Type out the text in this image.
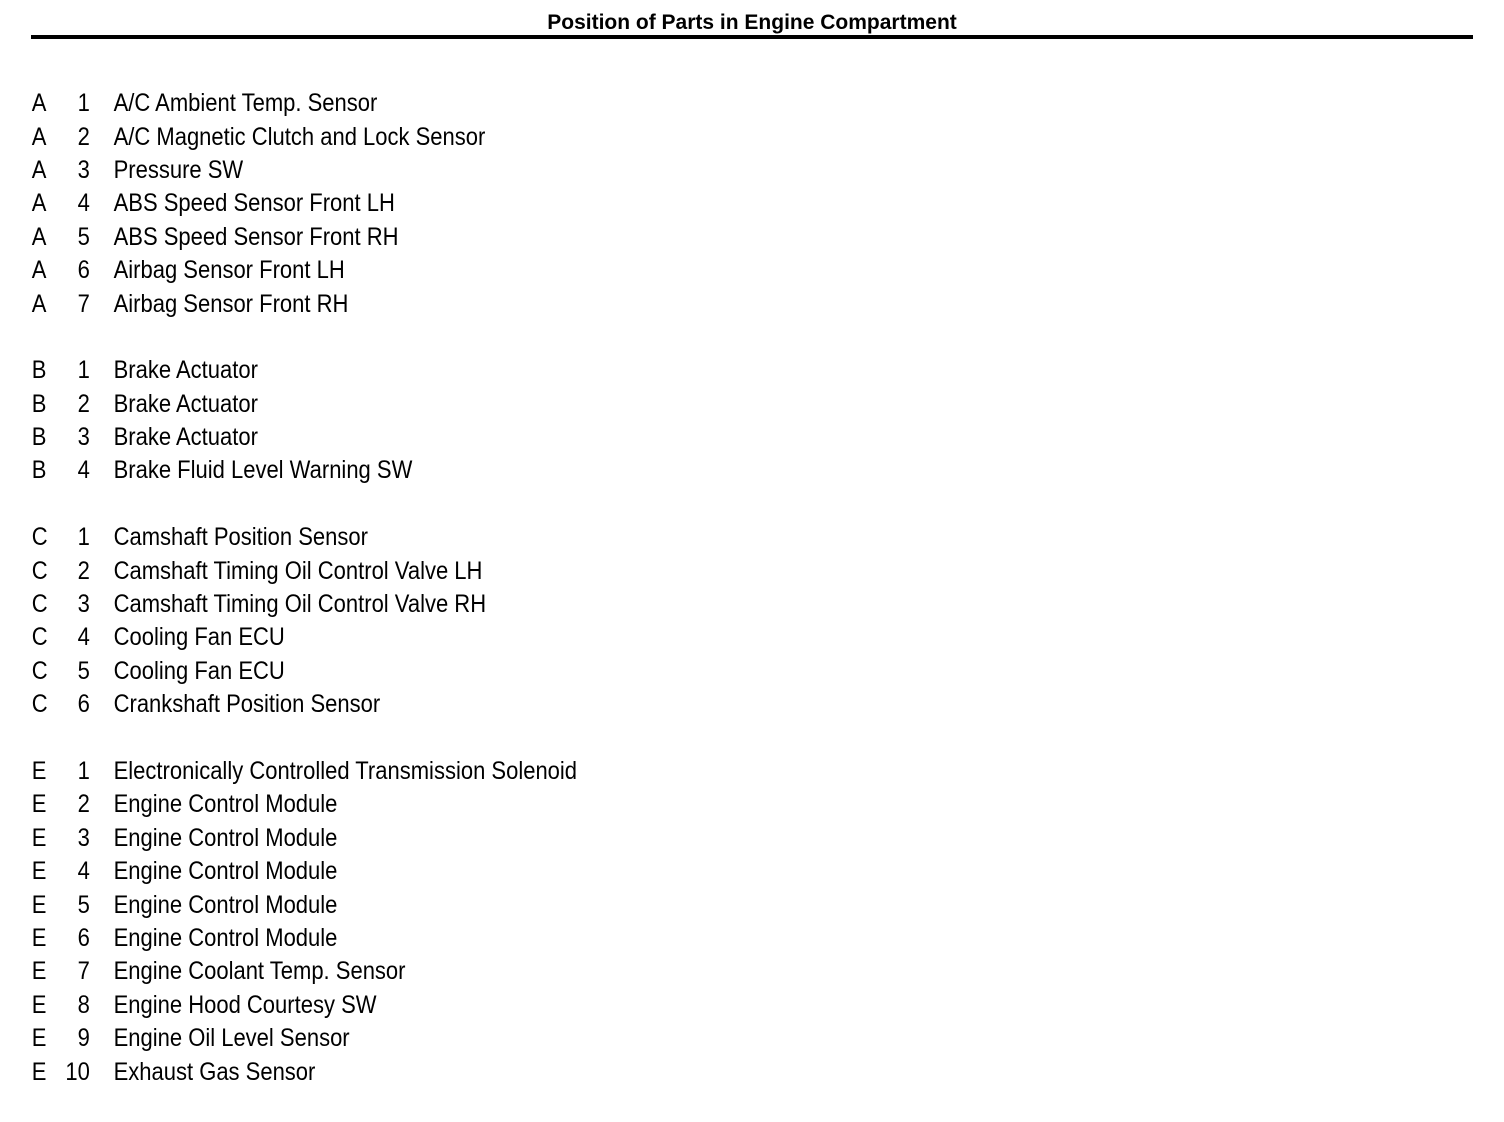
Position of Parts in Engine Compartment
A	1 A/C Ambient Temp. Sensor
A	2 A/C Magnetic Clutch and Lock Sensor
A	3 Pressure SW
A	4 ABS Speed Sensor Front LH
A	5 ABS Speed Sensor Front RH
A	6 Airbag Sensor Front LH
A	7 Airbag Sensor Front RH
B	1 Brake Actuator
B	2 Brake Actuator
B	3 Brake Actuator
B	4 Brake Fluid Level Warning SW
C	1 Camshaft Position Sensor
C	2 Camshaft Timing Oil Control Valve LH
C	3 Camshaft Timing Oil Control Valve RH
C	4 Cooling Fan ECU
C	5 Cooling Fan ECU
C	6 Crankshaft Position Sensor
E	1 Electronically Controlled Transmission Solenoid
E	2 Engine Control Module
E	3 Engine Control Module
E	4 Engine Control Module
E	5 Engine Control Module
E	6 Engine Control Module
E	7 Engine Coolant Temp. Sensor
E	8 Engine Hood Courtesy SW
E	9 Engine Oil Level Sensor
E 10 Exhaust Gas Sensor
